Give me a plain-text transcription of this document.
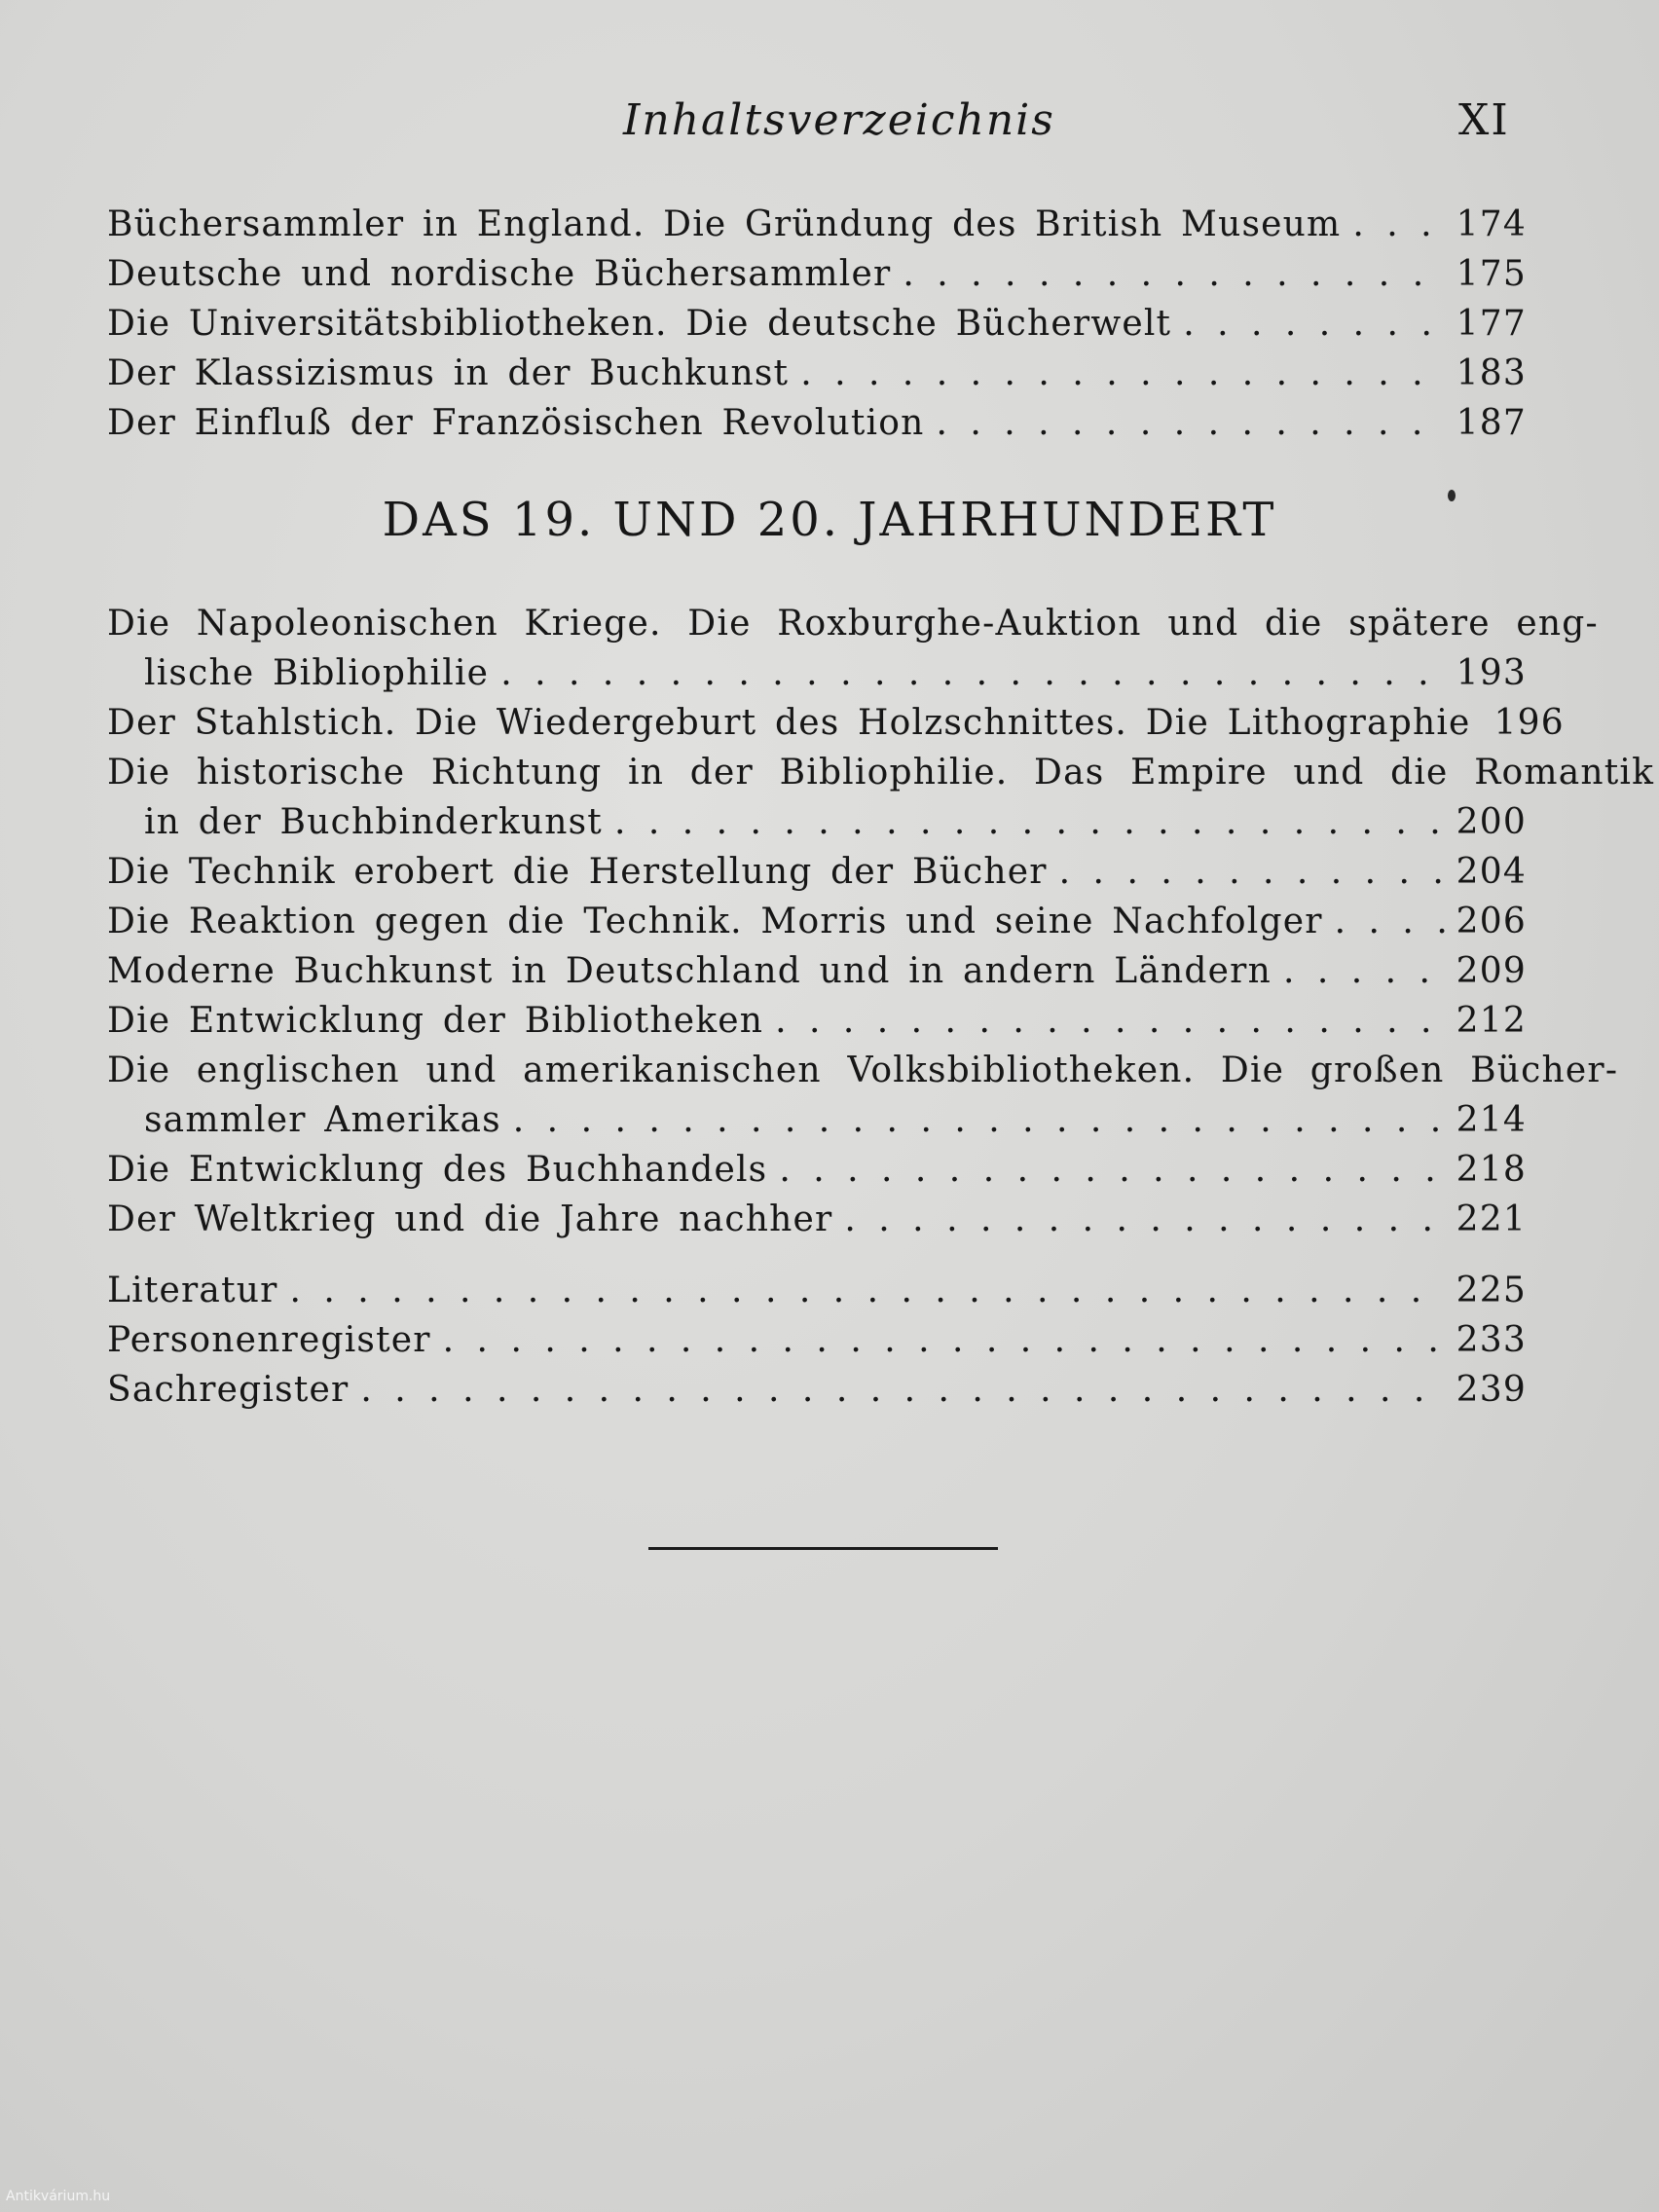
Inhaltsverzeichnis	XI
Büchersammler in England. Die Gründung des British Museum . . .	174
Deutsche und nordische Büchersammler . . .	175
Die Universitätsbibliotheken. Die deutsche Bücherwelt . . .	177
Der Klassizismus in der Buchkunst . . .	183
Der Einfluß der Französischen Revolution . . .	187
DAS 19. UND 20. JAHRHUNDERT
Die Napoleonischen Kriege. Die Roxburghe-Auktion und die spätere eng-
lische Bibliophilie . . .	193
Der Stahlstich. Die Wiedergeburt des Holzschnittes. Die Lithographie 196
Die historische Richtung in der Bibliophilie. Das Empire und die Romantik
in der Buchbinderkunst . . .	200
Die Technik erobert die Herstellung der Bücher . . .	204
Die Reaktion gegen die Technik. Morris und seine Nachfolger . . .	206
Moderne Buchkunst in Deutschland und in andern Ländern . . .	209
Die Entwicklung der Bibliotheken . . .	212
Die englischen und amerikanischen Volksbibliotheken. Die großen Bücher-
sammler Amerikas . . .	214
Die Entwicklung des Buchhandels . . .	218
Der Weltkrieg und die Jahre nachher . . .	221
Literatur . . .	225
Personenregister . . .	233
Sachregister . . .	239
Antikvárium.hu
